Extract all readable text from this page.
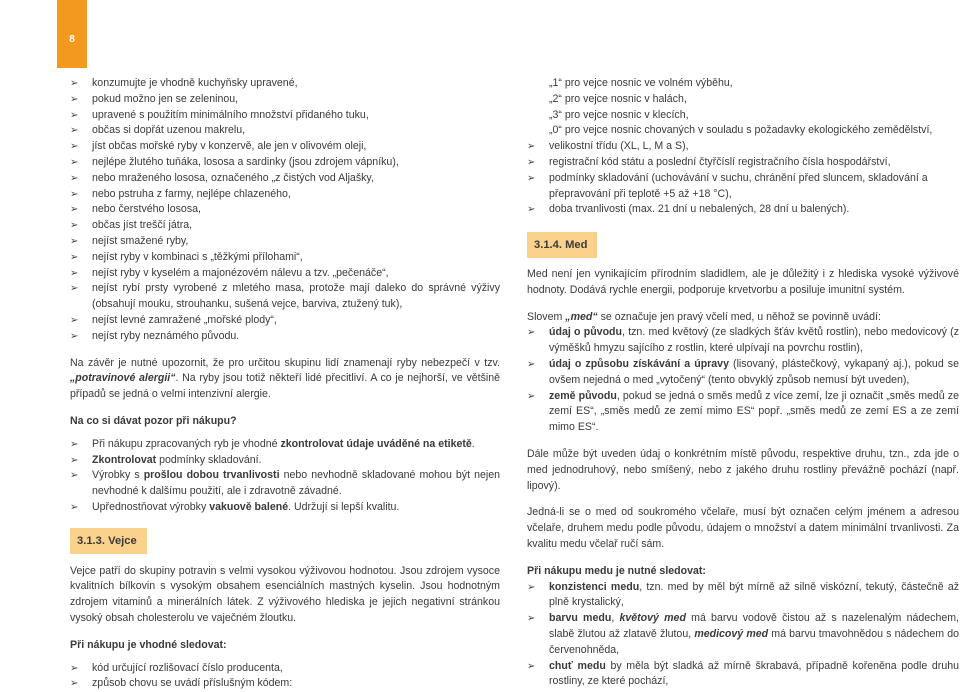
8
➢ konzumujte je vhodně kuchyňsky upravené,
➢ pokud možno jen se zeleninou,
➢ upravené s použitím minimálního množství přidaného tuku,
➢ občas si dopřát uzenou makrelu,
➢ jíst občas mořské ryby v konzervě, ale jen v olivovém oleji,
➢ nejlépe žlutého tuňáka, lososa a sardinky (jsou zdrojem vápníku),
➢ nebo mraženého lososa, označeného „z čistých vod Aljašky,
➢ nebo pstruha z farmy, nejlépe chlazeného,
➢ nebo čerstvého lososa,
➢ občas jíst treščí játra,
➢ nejíst smažené ryby,
➢ nejíst ryby v kombinaci s „těžkými přílohami“,
➢ nejíst ryby v kyselém a majonézovém nálevu a tzv. „pečenáče“,
➢ nejíst rybí prsty vyrobené z mletého masa, protože mají daleko do správné výživy (obsahují mouku, strouhanku, sušená vejce, barviva, ztužený tuk),
➢ nejíst levné zamražené „mořské plody“,
➢ nejíst ryby neznámého původu.

Na závěr je nutné upozornit, že pro určitou skupinu lidí znamenají ryby nebezpečí v tzv. „potravinové alergii“. Na ryby jsou totiž někteří lidé přecitliví. A co je nejhorší, ve většině případů se jedná o velmi intenzivní alergie.

Na co si dávat pozor při nákupu?

➢ Při nákupu zpracovaných ryb je vhodné zkontrolovat údaje uváděné na etiketě.
➢ Zkontrolovat podmínky skladování.
➢ Výrobky s prošlou dobou trvanlivosti nebo nevhodně skladované mohou být nejen nevhodné k dalšímu použití, ale i zdravotně závadné.
➢ Upřednostňovat výrobky vakuově balené. Udržují si lepší kvalitu.
3.1.3. Vejce

Vejce patří do skupiny potravin s velmi vysokou výživovou hodnotou. Jsou zdrojem vysoce kvalitních bílkovin s vysokým obsahem esenciálních mastných kyselin. Jsou hodnotným zdrojem vitaminů a minerálních látek. Z výživového hlediska je jejich negativní stránkou vysoký obsah cholesterolu ve vaječném žloutku.

Při nákupu je vhodné sledovat:

➢ kód určující rozlišovací číslo producenta,
➢ způsob chovu se uvádí příslušným kódem:

„1“ pro vejce nosnic ve volném výběhu,

„2“ pro vejce nosnic v halách,

„3“ pro vejce nosnic v klecích,

„0“ pro vejce nosnic chovaných v souladu s požadavky ekologického zemědělství,

➢ velikostní třídu (XL, L, M a S),
➢ registrační kód státu a poslední čtyřčíslí registračního čísla hospodářství,
➢ podmínky skladování (uchovávání v suchu, chránění před sluncem, skladování a přepravování při teplotě +5 až +18 °C),
➢ doba trvanlivosti (max. 21 dní u nebalených, 28 dní u balených).
3.1.4. Med

Med není jen vynikajícím přírodním sladidlem, ale je důležitý i z hlediska vysoké výživové hodnoty. Dodává rychle energii, podporuje krvetvorbu a posiluje imunitní systém.

Slovem „med“ se označuje jen pravý včelí med, u něhož se povinně uvádí:

➢ údaj o původu, tzn. med květový (ze sladkých šťáv květů rostlin), nebo medovicový (z výměšků hmyzu sajícího z rostlin, které ulpívají na povrchu rostlin),
➢ údaj o způsobu získávání a úpravy (lisovaný, plástečkový, vykapaný aj.), pokud se ovšem nejedná o med „vytočený“ (tento obvyklý způsob nemusí být uveden),
➢ země původu, pokud se jedná o směs medů z více zemí, lze ji označit „směs medů ze zemí ES“, „směs medů ze zemí mimo ES“ popř. „směs medů ze zemí ES a ze zemí mimo ES“.

Dále může být uveden údaj o konkrétním místě původu, respektive druhu, tzn., zda jde o med jednodruhový, nebo smíšený, nebo z jakého druhu rostliny převážně pochází (např. lipový).

Jedná-li se o med od soukromého včelaře, musí být označen celým jménem a adresou včelaře, druhem medu podle původu, údajem o množství a datem minimální trvanlivosti. Za kvalitu medu včelař ručí sám.

Při nákupu medu je nutné sledovat:

➢ konzistenci medu, tzn. med by měl být mírně až silně viskózní, tekutý, částečně až plně krystalický,
➢ barvu medu, květový med má barvu vodově čistou až s nazelenalým nádechem, slabě žlutou až zlatavě žlutou, medicový med má barvu tmavohnědou s nádechem do červenohněda,
➢ chuť medu by měla být sladká až mírně škrabavá, případně kořeněna podle druhu rostliny, ze které pochází,
